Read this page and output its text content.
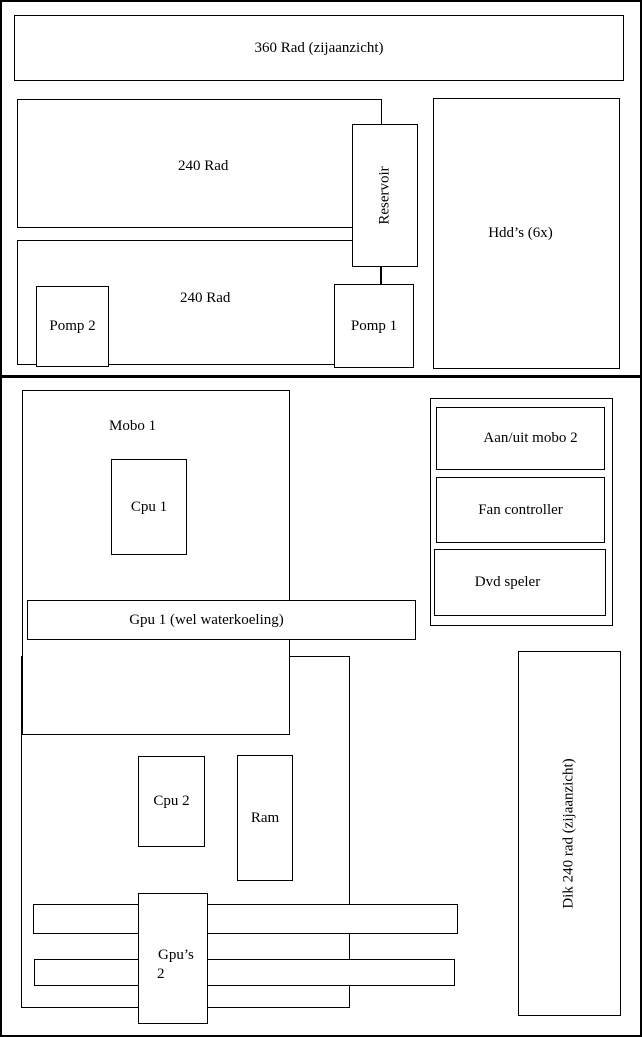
360 Rad (zijaanzicht)
240 Rad
240 Rad
Reservoir
Pomp 2	Pomp 1
Hdd’s (6x)
Mobo 1
Cpu 1
Gpu 1 (wel waterkoeling)
Cpu 2
Ram
Gpu’s
2
Aan/uit mobo 2
Fan controller
Dvd speler
Dik 240 rad (zijaanzicht)
